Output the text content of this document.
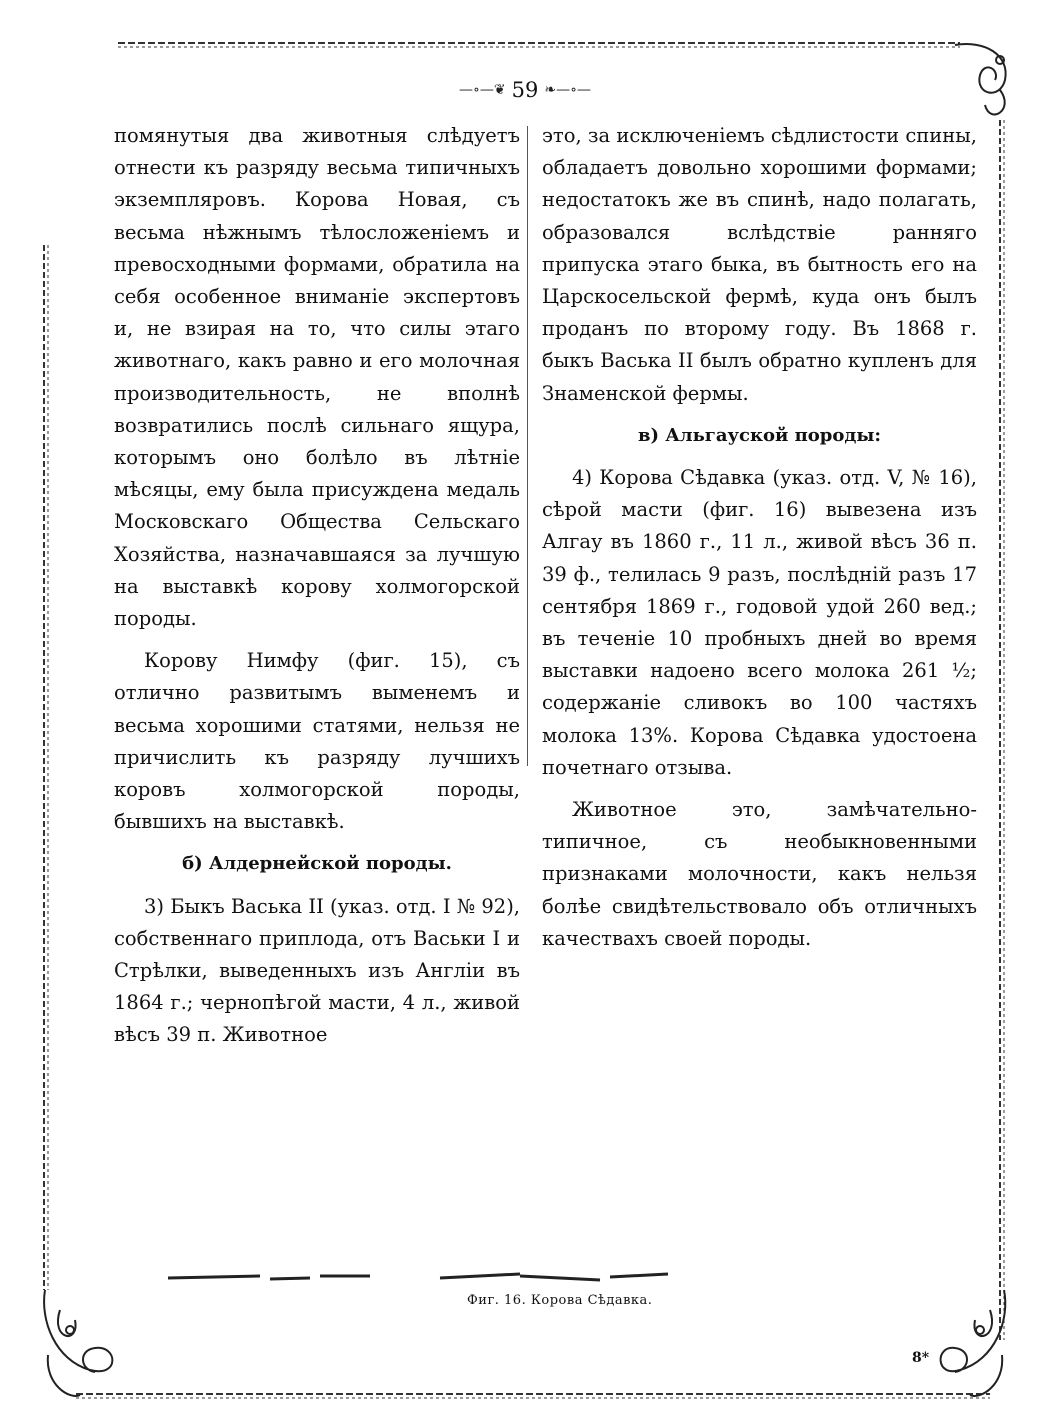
—∘—❦ 59 ❧—∘—

помянутыя два животныя слѣдуетъ отнести къ разряду весьма типичныхъ экземпляровъ. Корова Новая, съ весьма нѣжнымъ тѣлосложеніемъ и превосходными формами, обратила на себя особенное вниманіе экспертовъ и, не взирая на то, что силы этаго животнаго, какъ равно и его молочная производительность, не вполнѣ возвратились послѣ сильнаго ящура, которымъ оно болѣло въ лѣтніе мѣсяцы, ему была присуждена медаль Московскаго Общества Сельскаго Хозяйства, назначавшаяся за лучшую на выставкѣ корову холмогорской породы.

Корову Нимфу (фиг. 15), съ отлично развитымъ выменемъ и весьма хорошими статями, нельзя не причислить къ разряду лучшихъ коровъ холмогорской породы, бывшихъ на выставкѣ.

б) Алдернейской породы.

3) Быкъ Васька II (указ. отд. I № 92), собственнаго приплода, отъ Васьки I и Стрѣлки, выведенныхъ изъ Англіи въ 1864 г.; чернопѣгой масти, 4 л., живой вѣсъ 39 п. Животное

это, за исключеніемъ сѣдлистости спины, обладаетъ довольно хорошими формами; недостатокъ же въ спинѣ, надо полагать, образовался вслѣдствіе ранняго припуска этаго быка, въ бытность его на Царскосельской фермѣ, куда онъ былъ проданъ по второму году. Въ 1868 г. быкъ Васька II былъ обратно купленъ для Знаменской фермы.

в) Альгауской породы:

4) Корова Сѣдавка (указ. отд. V, № 16), сѣрой масти (фиг. 16) вывезена изъ Алгау въ 1860 г., 11 л., живой вѣсъ 36 п. 39 ф., телилась 9 разъ, послѣдній разъ 17 сентября 1869 г., годовой удой 260 вед.; въ теченіе 10 пробныхъ дней во время выставки надоено всего молока 261 ½; содержаніе сливокъ во 100 частяхъ молока 13%. Корова Сѣдавка удостоена почетнаго отзыва.

Животное это, замѣчательно-типичное, съ необыкновенными признаками молочности, какъ нельзя болѣе свидѣтельствовало объ отличныхъ качествахъ своей породы.

Фиг. 16. Корова Сѣдавка.
8*
